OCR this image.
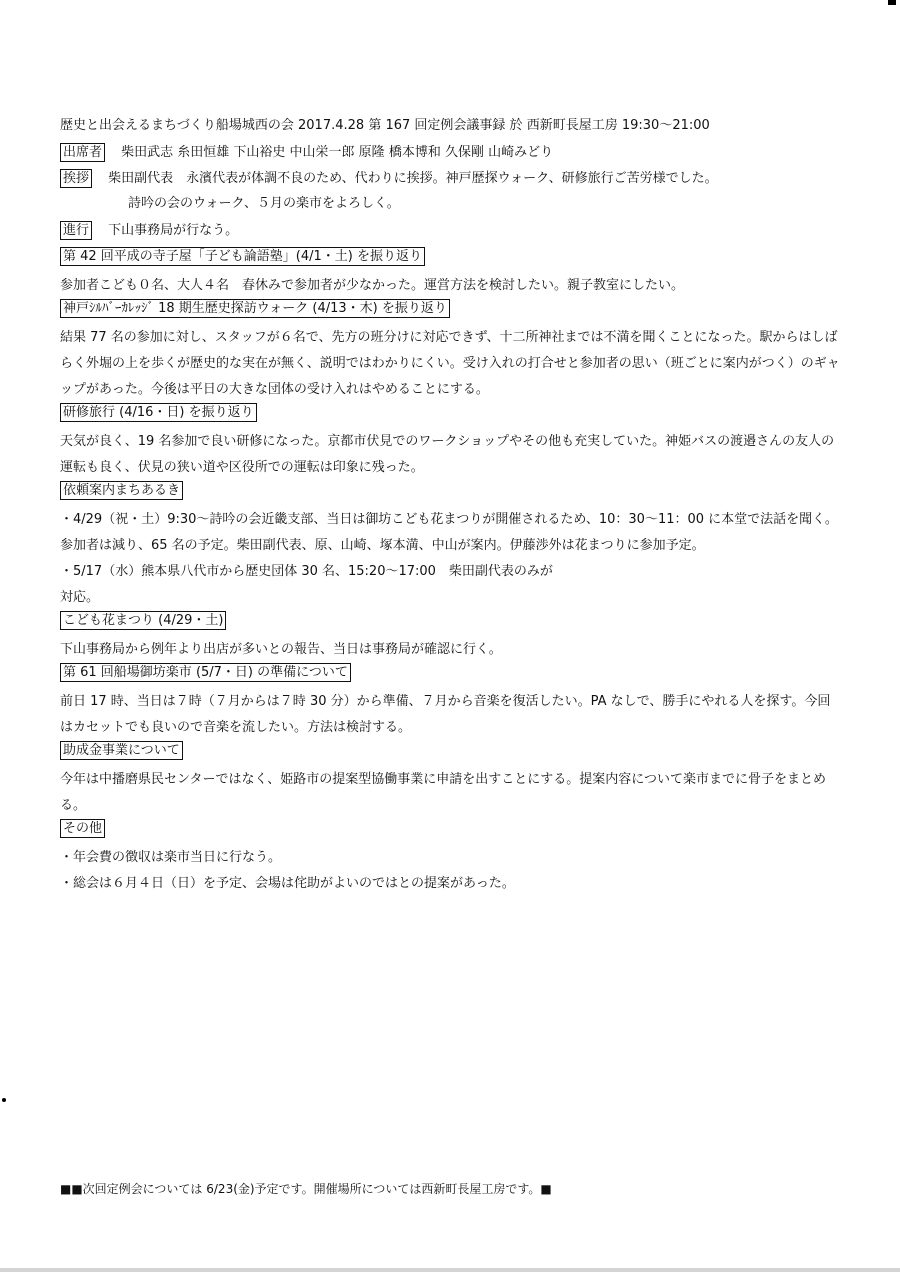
歴史と出会えるまちづくり船場城西の会 2017.4.28 第 167 回定例会議事録 於 西新町長屋工房 19:30～21:00
出席者 柴田武志 糸田恒雄 下山裕史 中山栄一郎 原隆 橋本博和 久保剛 山崎みどり
挨拶 柴田副代表　永濱代表が体調不良のため、代わりに挨拶。神戸歴探ウォーク、研修旅行ご苦労様でした。
詩吟の会のウォーク、５月の楽市をよろしく。
進行 下山事務局が行なう。
第 42 回平成の寺子屋「子ども論語塾」(4/1・土) を振り返り
参加者こども０名、大人４名　春休みで参加者が少なかった。運営方法を検討したい。親子教室にしたい。
神戸ｼﾙﾊﾞｰｶﾚｯｼﾞ 18 期生歴史探訪ウォーク (4/13・木) を振り返り
結果 77 名の参加に対し、スタッフが６名で、先方の班分けに対応できず、十二所神社までは不満を聞くことになった。駅からはしばらく外堀の上を歩くが歴史的な実在が無く、説明ではわかりにくい。受け入れの打合せと参加者の思い（班ごとに案内がつく）のギャップがあった。今後は平日の大きな団体の受け入れはやめることにする。
研修旅行 (4/16・日) を振り返り
天気が良く、19 名参加で良い研修になった。京都市伏見でのワークショップやその他も充実していた。神姫バスの渡邉さんの友人の運転も良く、伏見の狭い道や区役所での運転は印象に残った。
依頼案内まちあるき
・4/29（祝・土）9:30～詩吟の会近畿支部、当日は御坊こども花まつりが開催されるため、10：30～11：00 に本堂で法話を聞く。参加者は減り、65 名の予定。柴田副代表、原、山崎、塚本満、中山が案内。伊藤渉外は花まつりに参加予定。
・5/17（水）熊本県八代市から歴史団体 30 名、15:20～17:00　柴田副代表のみが
対応。
こども花まつり (4/29・土)
下山事務局から例年より出店が多いとの報告、当日は事務局が確認に行く。
第 61 回船場御坊楽市 (5/7・日) の準備について
前日 17 時、当日は７時（７月からは７時 30 分）から準備、７月から音楽を復活したい。PA なしで、勝手にやれる人を探す。今回はカセットでも良いので音楽を流したい。方法は検討する。
助成金事業について
今年は中播磨県民センターではなく、姫路市の提案型協働事業に申請を出すことにする。提案内容について楽市までに骨子をまとめる。
その他
・年会費の徴収は楽市当日に行なう。
・総会は６月４日（日）を予定、会場は侘助がよいのではとの提案があった。
■■次回定例会については 6/23(金)予定です。開催場所については西新町長屋工房です。■
